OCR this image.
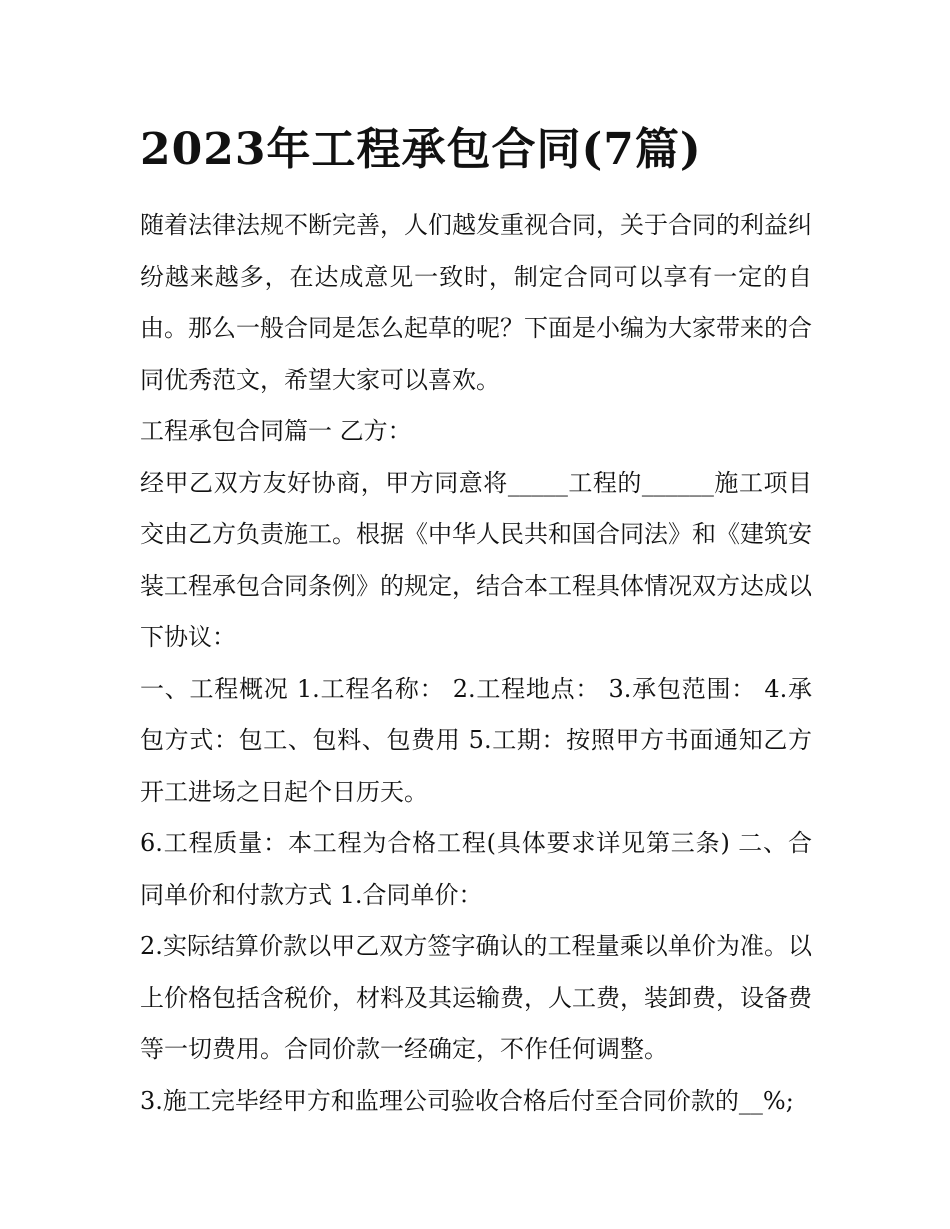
2023年工程承包合同(7篇)

随着法律法规不断完善，人们越发重视合同，关于合同的利益纠纷越来越多，在达成意见一致时，制定合同可以享有一定的自由。那么一般合同是怎么起草的呢？下面是小编为大家带来的合同优秀范文，希望大家可以喜欢。

工程承包合同篇一 乙方：

经甲乙双方友好协商，甲方同意将_____工程的______施工项目交由乙方负责施工。根据《中华人民共和国合同法》和《建筑安装工程承包合同条例》的规定，结合本工程具体情况双方达成以下协议：

一、工程概况 1.工程名称： 2.工程地点： 3.承包范围： 4.承包方式：包工、包料、包费用 5.工期：按照甲方书面通知乙方开工进场之日起个日历天。

6.工程质量：本工程为合格工程(具体要求详见第三条) 二、合同单价和付款方式 1.合同单价：

2.实际结算价款以甲乙双方签字确认的工程量乘以单价为准。以上价格包括含税价，材料及其运输费，人工费，装卸费，设备费等一切费用。合同价款一经确定，不作任何调整。

3.施工完毕经甲方和监理公司验收合格后付至合同价款的__%;
